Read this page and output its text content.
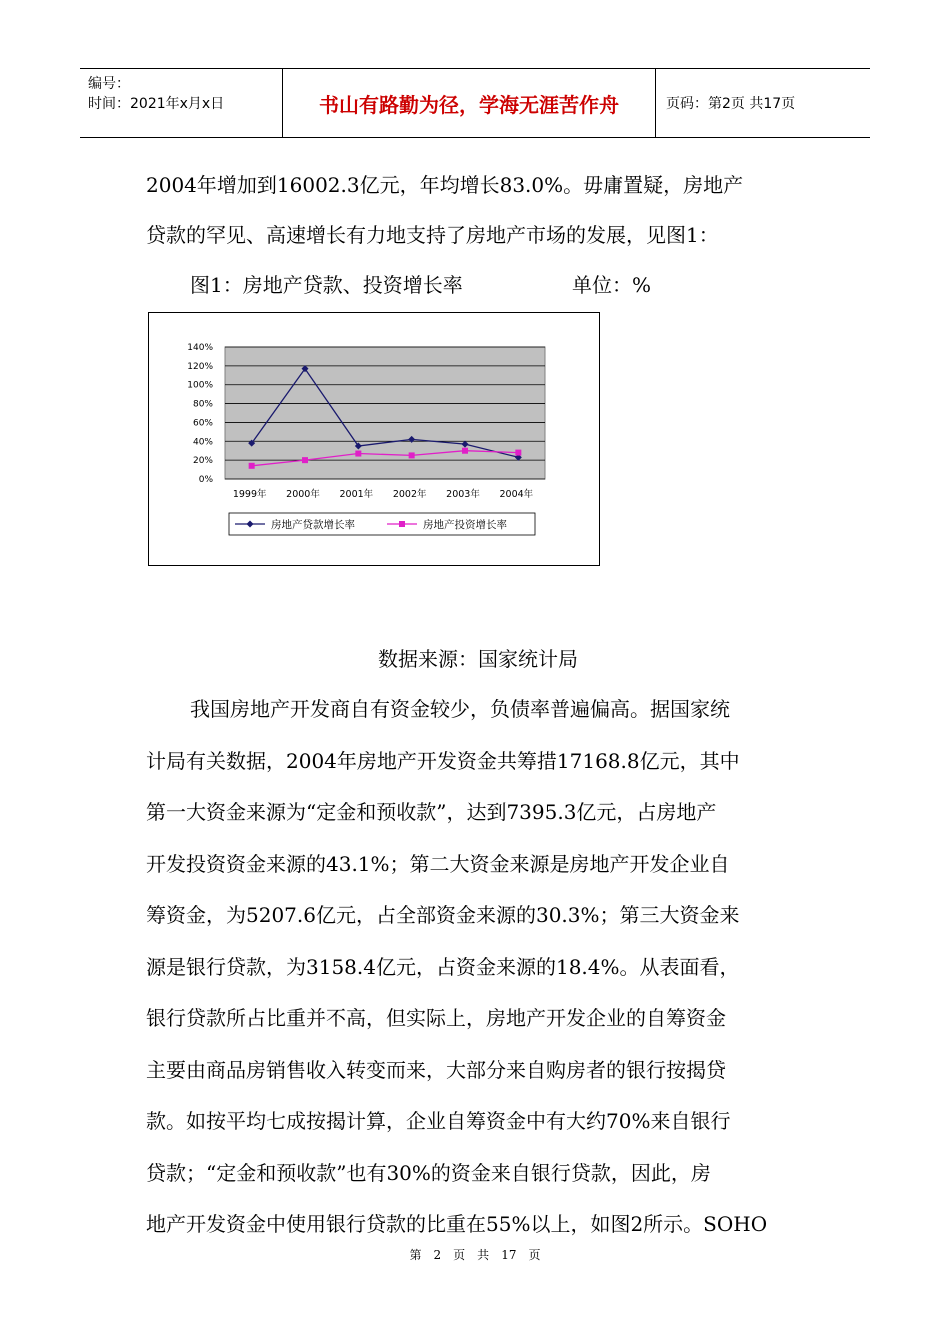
编号：
时间：2021年x月x日	书山有路勤为径，学海无涯苦作舟	页码：第2页 共17页
2004年增加到16002.3亿元，年均增长83.0%。毋庸置疑，房地产
贷款的罕见、高速增长有力地支持了房地产市场的发展，见图1：
图1：房地产贷款、投资增长率	单位：%
0%
20%
40%
60%
80%
100%
120%
140%
1999年 2000年 2001年 2002年 2003年 2004年
房地产贷款增长率	房地产投资增长率
数据来源：国家统计局
我国房地产开发商自有资金较少，负债率普遍偏高。据国家统
计局有关数据，2004年房地产开发资金共筹措17168.8亿元，其中
第一大资金来源为“定金和预收款”，达到7395.3亿元，占房地产
开发投资资金来源的43.1%；第二大资金来源是房地产开发企业自
筹资金，为5207.6亿元，占全部资金来源的30.3%；第三大资金来
源是银行贷款，为3158.4亿元，占资金来源的18.4%。从表面看，
银行贷款所占比重并不高，但实际上，房地产开发企业的自筹资金
主要由商品房销售收入转变而来，大部分来自购房者的银行按揭贷
款。如按平均七成按揭计算，企业自筹资金中有大约70%来自银行
贷款；“定金和预收款”也有30%的资金来自银行贷款，因此，房
地产开发资金中使用银行贷款的比重在55%以上，如图2所示。SOHO
第 2 页 共 17 页
